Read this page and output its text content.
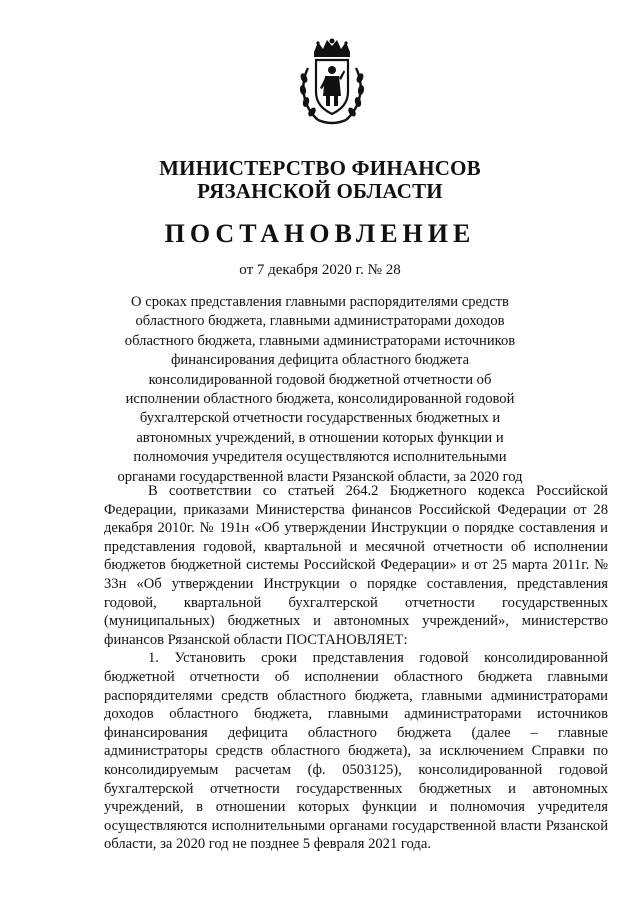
МИНИСТЕРСТВО ФИНАНСОВ
РЯЗАНСКОЙ ОБЛАСТИ
ПОСТАНОВЛЕНИЕ
от 7 декабря 2020 г. № 28
О сроках представления главными распорядителями средств областного бюджета, главными администраторами доходов областного бюджета, главными администраторами источников финансирования дефицита областного бюджета консолидированной годовой бюджетной отчетности об исполнении областного бюджета, консолидированной годовой бухгалтерской отчетности государственных бюджетных и автономных учреждений, в отношении которых функции и полномочия учредителя осуществляются исполнительными органами государственной власти Рязанской области, за 2020 год

В соответствии со статьей 264.2 Бюджетного кодекса Российской Федерации, приказами Министерства финансов Российской Федерации от 28 декабря 2010г. № 191н «Об утверждении Инструкции о порядке составления и представления годовой, квартальной и месячной отчетности об исполнении бюджетов бюджетной системы Российской Федерации» и от 25 марта 2011г. № 33н «Об утверждении Инструкции о порядке составления, представления годовой, квартальной бухгалтерской отчетности государственных (муниципальных) бюджетных и автономных учреждений», министерство финансов Рязанской области ПОСТАНОВЛЯЕТ:

1. Установить сроки представления годовой консолидированной бюджетной отчетности об исполнении областного бюджета главными распорядителями средств областного бюджета, главными администраторами доходов областного бюджета, главными администраторами источников финансирования дефицита областного бюджета (далее – главные администраторы средств областного бюджета), за исключением Справки по консолидируемым расчетам (ф. 0503125), консолидированной годовой бухгалтерской отчетности государственных бюджетных и автономных учреждений, в отношении которых функции и полномочия учредителя осуществляются исполнительными органами государственной власти Рязанской области, за 2020 год не позднее 5 февраля 2021 года.
